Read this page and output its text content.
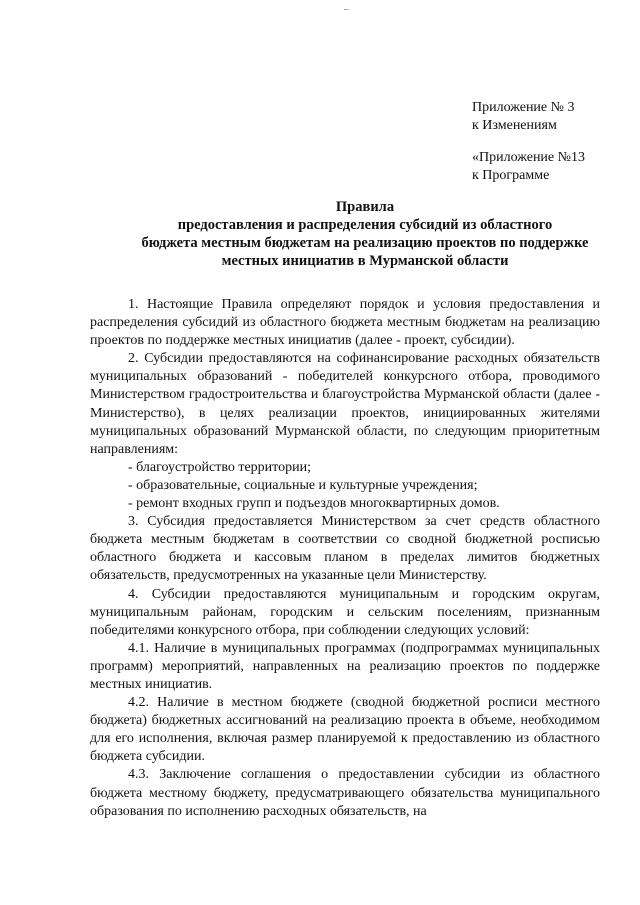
–
Приложение № 3
к Изменениям
«Приложение №13
к Программе
Правила
предоставления и распределения субсидий из областного
бюджета местным бюджетам на реализацию проектов по поддержке
местных инициатив в Мурманской области

1. Настоящие Правила определяют порядок и условия предоставления и распределения субсидий из областного бюджета местным бюджетам на реализацию проектов по поддержке местных инициатив (далее - проект, субсидии).

2. Субсидии предоставляются на софинансирование расходных обязательств муниципальных образований - победителей конкурсного отбора, проводимого Министерством градостроительства и благоустройства Мурманской области (далее - Министерство), в целях реализации проектов, инициированных жителями муниципальных образований Мурманской области, по следующим приоритетным направлениям:

- благоустройство территории;

- образовательные, социальные и культурные учреждения;

- ремонт входных групп и подъездов многоквартирных домов.

3. Субсидия предоставляется Министерством за счет средств областного бюджета местным бюджетам в соответствии со сводной бюджетной росписью областного бюджета и кассовым планом в пределах лимитов бюджетных обязательств, предусмотренных на указанные цели Министерству.

4. Субсидии предоставляются муниципальным и городским округам, муниципальным районам, городским и сельским поселениям, признанным победителями конкурсного отбора, при соблюдении следующих условий:

4.1. Наличие в муниципальных программах (подпрограммах муниципальных программ) мероприятий, направленных на реализацию проектов по поддержке местных инициатив.

4.2. Наличие в местном бюджете (сводной бюджетной росписи местного бюджета) бюджетных ассигнований на реализацию проекта в объеме, необходимом для его исполнения, включая размер планируемой к предоставлению из областного бюджета субсидии.

4.3. Заключение соглашения о предоставлении субсидии из областного бюджета местному бюджету, предусматривающего обязательства муниципального образования по исполнению расходных обязательств, на
